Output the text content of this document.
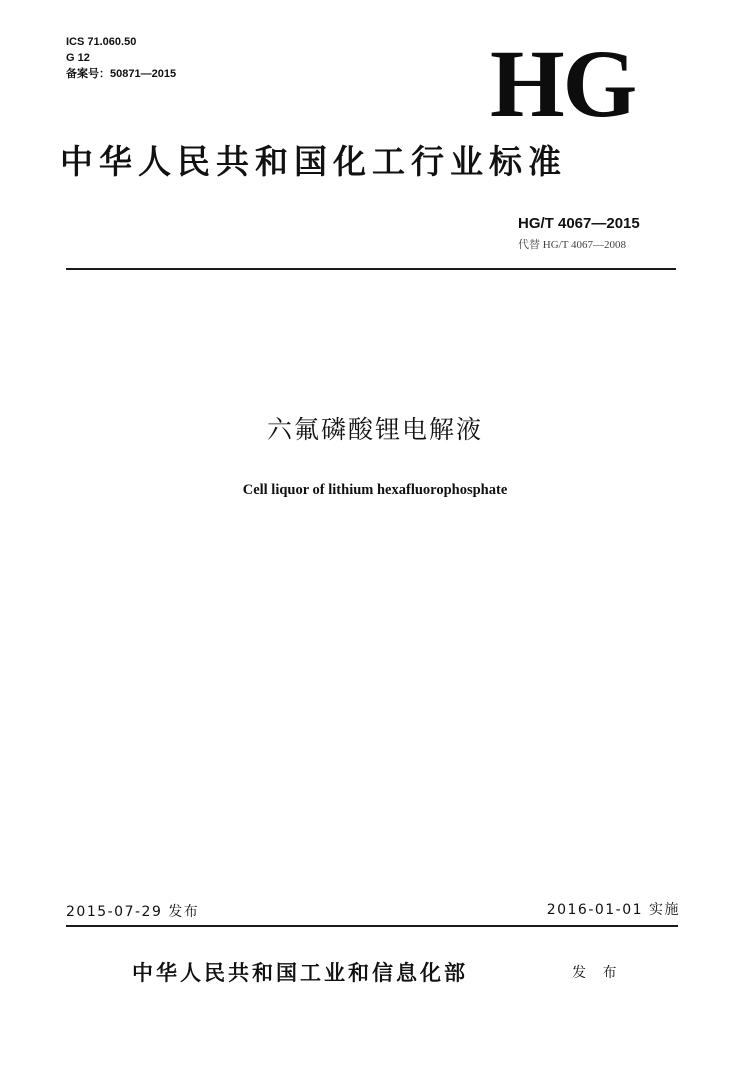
ICS 71.060.50
G 12
备案号：50871—2015	HG
中华人民共和国化工行业标准
HG/T 4067—2015
代替 HG/T 4067—2008
六氟磷酸锂电解液
Cell liquor of lithium hexafluorophosphate
2015-07-29 发布	2016-01-01 实施
中华人民共和国工业和信息化部	发 布
